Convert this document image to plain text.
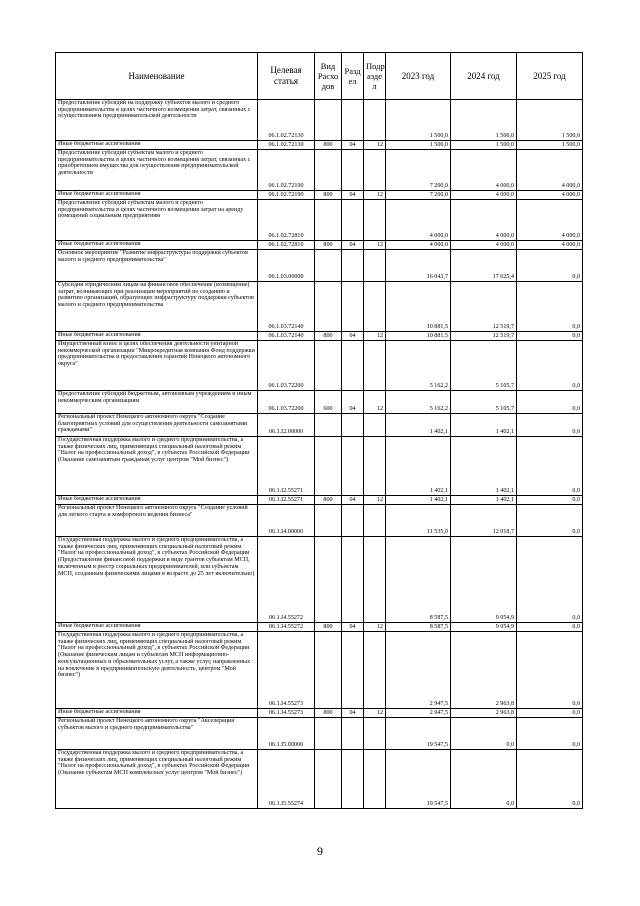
Наименование	Целевая статья	Вид Расхо дов	Разд ел	Подр азде л	2023 год	2024 год	2025 год
Предоставление субсидий на поддержку субъектов малого и среднего предпринимательства в целях частичного возмещения затрат, связанных с осуществлением предпринимательской деятельности	06.1.02.72130				1 500,0	1 500,0	1 500,0
Иные бюджетные ассигнования	06.1.02.72130	800	04	12	1 500,0	1 500,0	1 500,0
Предоставление субсидий субъектам малого и среднего предпринимательства в целях частичного возмещения затрат, связанных с приобретением имущества для осуществления предпринимательской деятельности	06.1.02.72190				7 200,0	4 000,0	4 000,0
Иные бюджетные ассигнования	06.1.02.72190	800	04	12	7 200,0	4 000,0	4 000,0
Предоставление субсидий субъектам малого и среднего предпринимательства в целях частичного возмещения затрат на аренду помещений социальным предприятиям	06.1.02.72810				4 000,0	4 000,0	4 000,0
Иные бюджетные ассигнования	06.1.02.72810	800	04	12	4 000,0	4 000,0	4 000,0
Основное мероприятие "Развитие инфраструктуры поддержки субъектов малого и среднего предпринимательства"	06.1.03.00000				16 043,7	17 625,4	0,0
Субсидии юридическим лицам на финансовое обеспечение (возмещение) затрат, возникающих при реализации мероприятий по созданию и развитию организаций, образующих инфраструктуру поддержки субъектов малого и среднего предпринимательства	06.1.03.72140				10 881,5	12 519,7	0,0
Иные бюджетные ассигнования	06.1.03.72140	800	04	12	10 881,5	12 519,7	0,0
Имущественный взнос в целях обеспечения деятельности унитарной некоммерческой организации "Микрокредитная компания Фонд поддержки предпринимательства и предоставления гарантий Ненецкого автономного округа"	06.1.03.72200				5 162,2	5 105,7	0,0
Предоставление субсидий бюджетным, автономным учреждениям и иным некоммерческим организациям	06.1.03.72200	600	04	12	5 162,2	5 105,7	0,0
Региональный проект Ненецкого автономного округа "Создание благоприятных условий для осуществления деятельности самозанятыми гражданами"	06.1.I2.00000				1 402,1	1 402,1	0,0
Государственная поддержка малого и среднего предпринимательства, а также физических лиц, применяющих специальный налоговый режим "Налог на профессиональный доход", в субъектах Российской Федерации (Оказание самозанятым гражданам услуг центром "Мой бизнес")	06.1.I2.55271				1 402,1	1 402,1	0,0
Иные бюджетные ассигнования	06.1.I2.55271	800	04	12	1 402,1	1 402,1	0,0
Региональный проект Ненецкого автономного округа "Создание условий для легкого старта и комфортного ведения бизнеса"	06.1.I4.00000				11 535,0	12 018,7	0,0
Государственная поддержка малого и среднего предпринимательства, а также физических лиц, применяющих специальный налоговый режим "Налог на профессиональный доход", в субъектах Российской Федерации (Предоставление финансовой поддержки в виде грантов субъектам МСП, включенным в реестр социальных предпринимателей, или субъектам МСП, созданным физическими лицами в возрасте до 25 лет включительно)	06.1.I4.55272				8 587,5	9 054,9	0,0
Иные бюджетные ассигнования	06.1.I4.55272	800	04	12	8 587,5	9 054,9	0,0
Государственная поддержка малого и среднего предпринимательства, а также физических лиц, применяющих специальный налоговый режим "Налог на профессиональный доход", в субъектах Российской Федерации (Оказание физическим лицам и субъектам МСП информационно-консультационных и образовательных услуг, а также услуг, направленных на вовлечение в предпринимательскую деятельность, центром "Мой бизнес")	06.1.I4.55273				2 947,5	2 963,8	0,0
Иные бюджетные ассигнования	06.1.I4.55273	800	04	12	2 947,5	2 963,8	0,0
Региональный проект Ненецкого автономного округа "Акселерация субъектов малого и среднего предпринимательства"	06.1.I5.00000				19 547,5	0,0	0,0
Государственная поддержка малого и среднего предпринимательства, а также физических лиц, применяющих специальный налоговый режим "Налог на профессиональный доход", в субъектах Российской Федерации (Оказание субъектам МСП комплексных услуг центром "Мой бизнес")	06.1.I5.55274				19 547,5	0,0	0,0
9
